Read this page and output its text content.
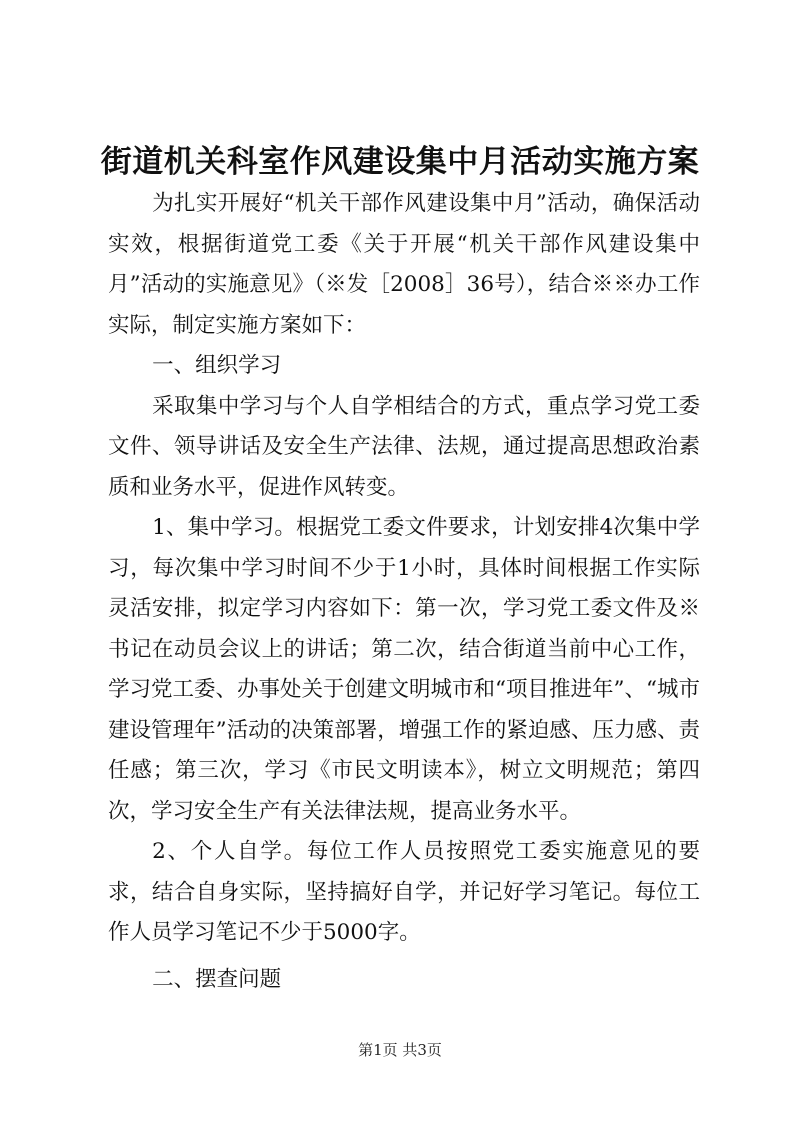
街道机关科室作风建设集中月活动实施方案

为扎实开展好“机关干部作风建设集中月”活动，确保活动实效，根据街道党工委《关于开展“机关干部作风建设集中月”活动的实施意见》（※发［2008］36号），结合※※办工作实际，制定实施方案如下：

一、组织学习

采取集中学习与个人自学相结合的方式，重点学习党工委文件、领导讲话及安全生产法律、法规，通过提高思想政治素质和业务水平，促进作风转变。

1、集中学习。根据党工委文件要求，计划安排4次集中学习，每次集中学习时间不少于1小时，具体时间根据工作实际灵活安排，拟定学习内容如下：第一次，学习党工委文件及※书记在动员会议上的讲话；第二次，结合街道当前中心工作，学习党工委、办事处关于创建文明城市和“项目推进年”、“城市建设管理年”活动的决策部署，增强工作的紧迫感、压力感、责任感；第三次，学习《市民文明读本》，树立文明规范；第四次，学习安全生产有关法律法规，提高业务水平。

2、个人自学。每位工作人员按照党工委实施意见的要求，结合自身实际，坚持搞好自学，并记好学习笔记。每位工作人员学习笔记不少于5000字。

二、摆查问题

第1页 共3页
